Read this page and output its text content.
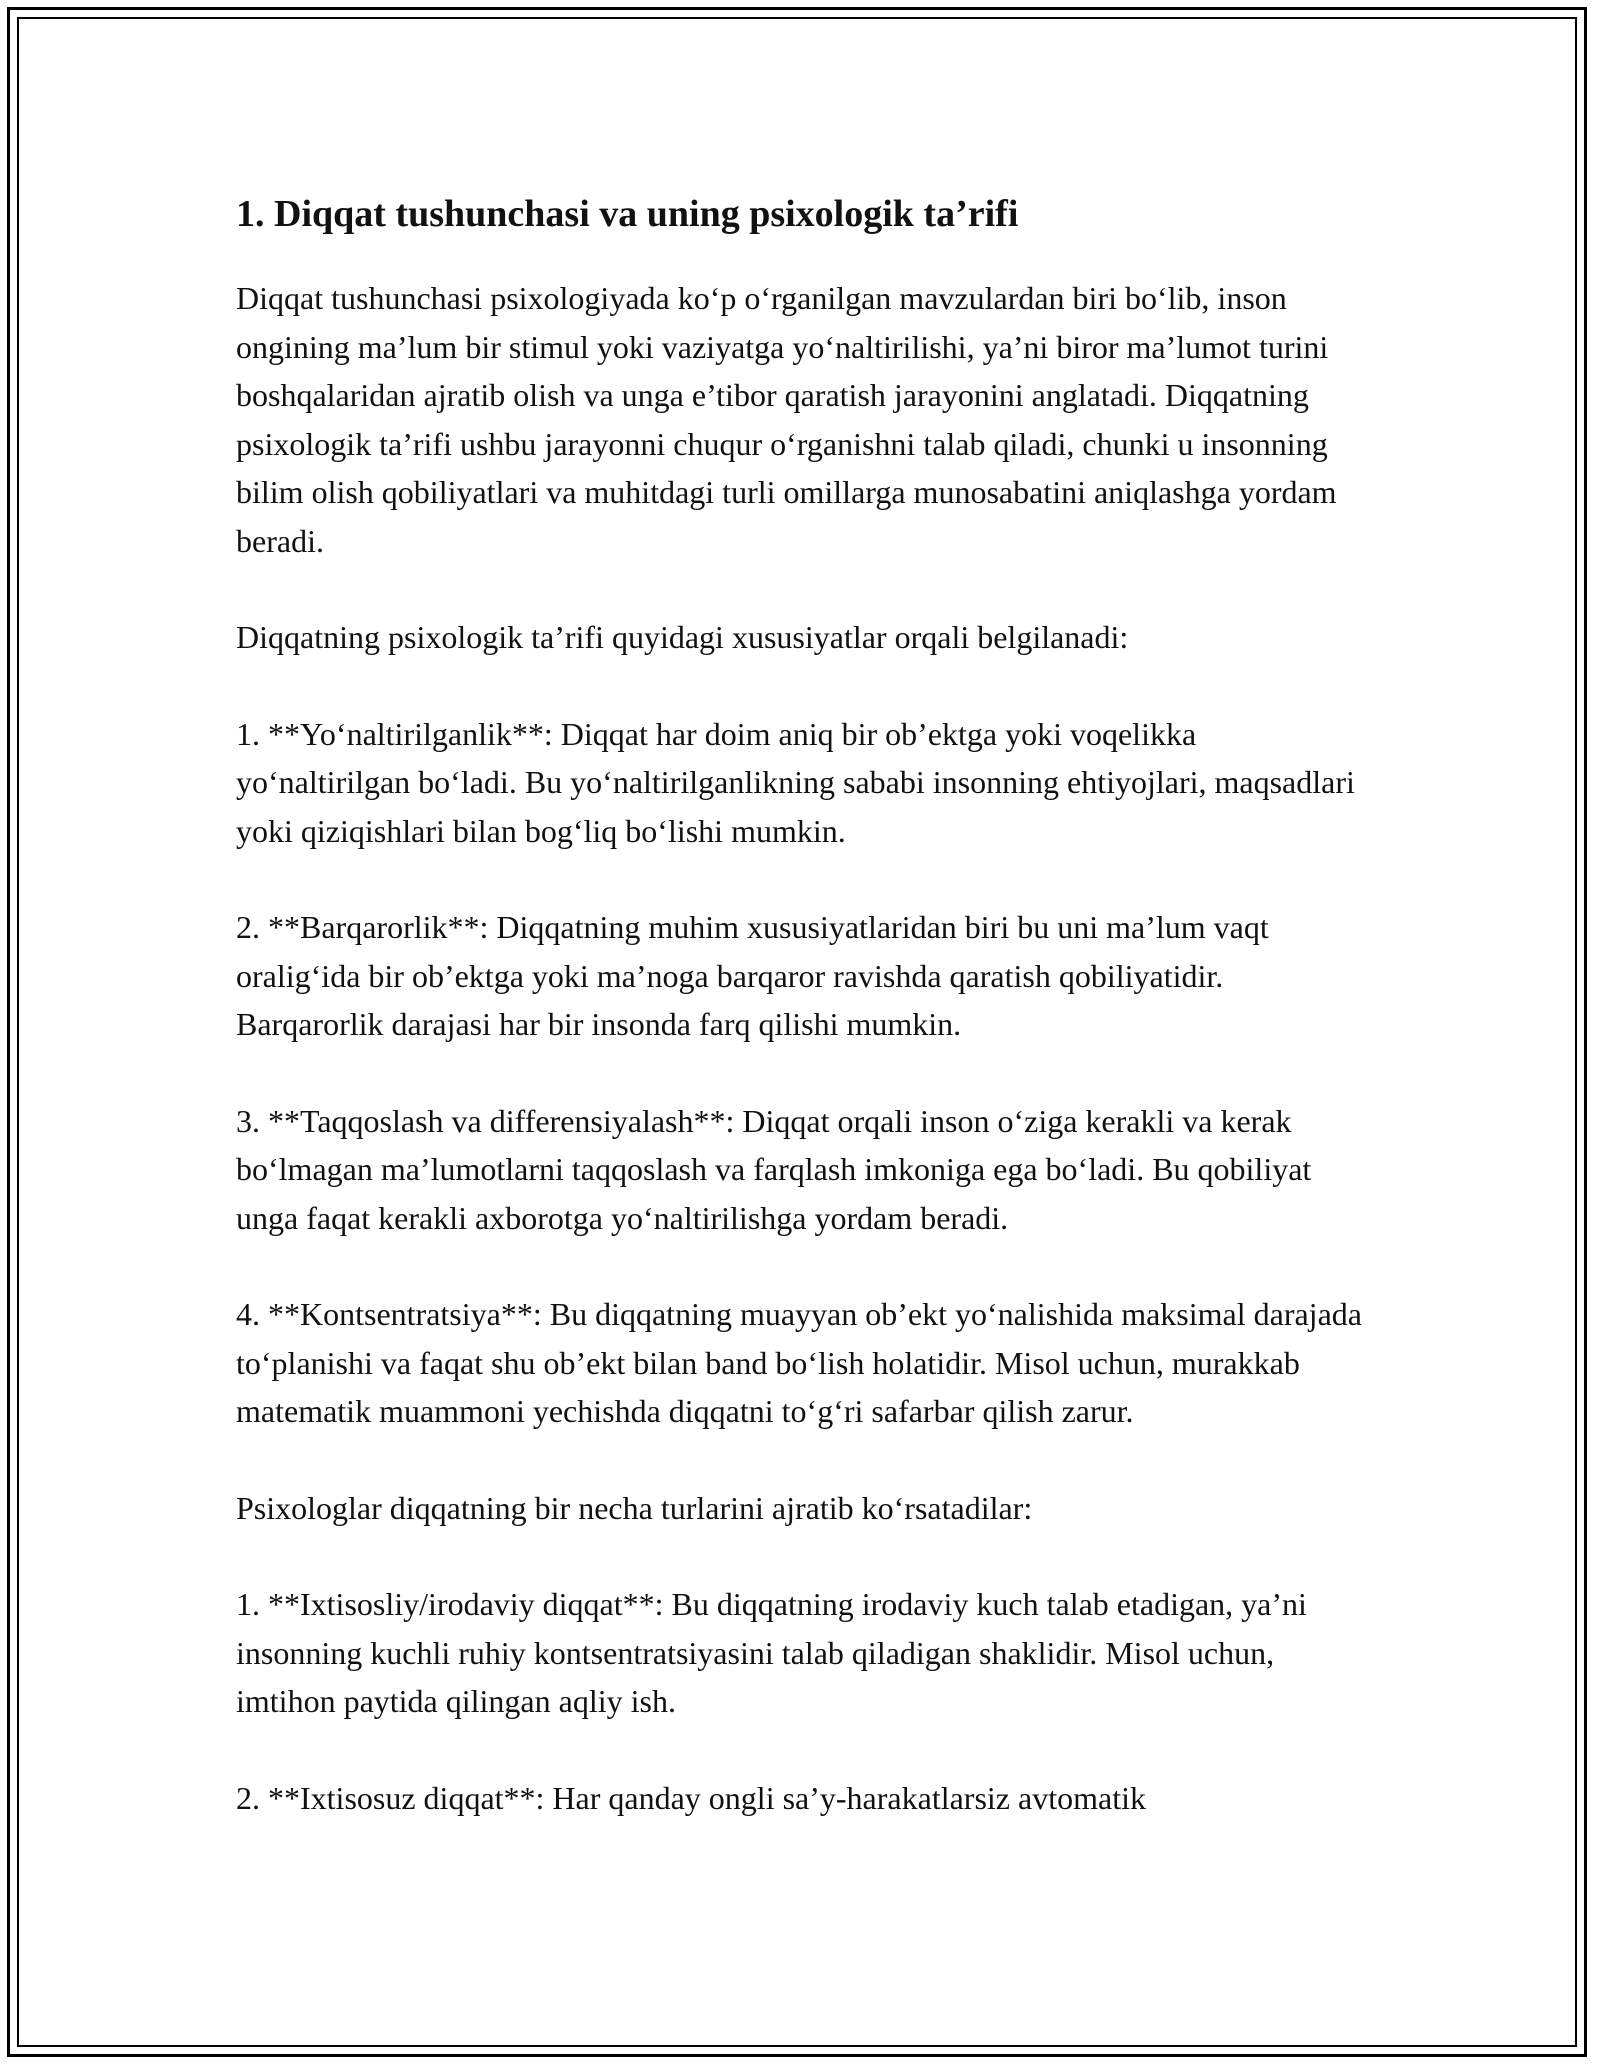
1. Diqqat tushunchasi va uning psixologik ta’rifi

Diqqat tushunchasi psixologiyada ko‘p o‘rganilgan mavzulardan biri bo‘lib, inson ongining ma’lum bir stimul yoki vaziyatga yo‘naltirilishi, ya’ni biror ma’lumot turini boshqalaridan ajratib olish va unga e’tibor qaratish jarayonini anglatadi. Diqqatning psixologik ta’rifi ushbu jarayonni chuqur o‘rganishni talab qiladi, chunki u insonning bilim olish qobiliyatlari va muhitdagi turli omillarga munosabatini aniqlashga yordam beradi.

Diqqatning psixologik ta’rifi quyidagi xususiyatlar orqali belgilanadi:

1. **Yo‘naltirilganlik**: Diqqat har doim aniq bir ob’ektga yoki voqelikka yo‘naltirilgan bo‘ladi. Bu yo‘naltirilganlikning sababi insonning ehtiyojlari, maqsadlari yoki qiziqishlari bilan bog‘liq bo‘lishi mumkin.

2. **Barqarorlik**: Diqqatning muhim xususiyatlaridan biri bu uni ma’lum vaqt oralig‘ida bir ob’ektga yoki ma’noga barqaror ravishda qaratish qobiliyatidir. Barqarorlik darajasi har bir insonda farq qilishi mumkin.

3. **Taqqoslash va differensiyalash**: Diqqat orqali inson o‘ziga kerakli va kerak bo‘lmagan ma’lumotlarni taqqoslash va farqlash imkoniga ega bo‘ladi. Bu qobiliyat unga faqat kerakli axborotga yo‘naltirilishga yordam beradi.

4. **Kontsentratsiya**: Bu diqqatning muayyan ob’ekt yo‘nalishida maksimal darajada to‘planishi va faqat shu ob’ekt bilan band bo‘lish holatidir. Misol uchun, murakkab matematik muammoni yechishda diqqatni to‘g‘ri safarbar qilish zarur.

Psixologlar diqqatning bir necha turlarini ajratib ko‘rsatadilar:

1. **Ixtisosliy/irodaviy diqqat**: Bu diqqatning irodaviy kuch talab etadigan, ya’ni insonning kuchli ruhiy kontsentratsiyasini talab qiladigan shaklidir. Misol uchun, imtihon paytida qilingan aqliy ish.

2. **Ixtisosuz diqqat**: Har qanday ongli sa’y-harakatlarsiz avtomatik
